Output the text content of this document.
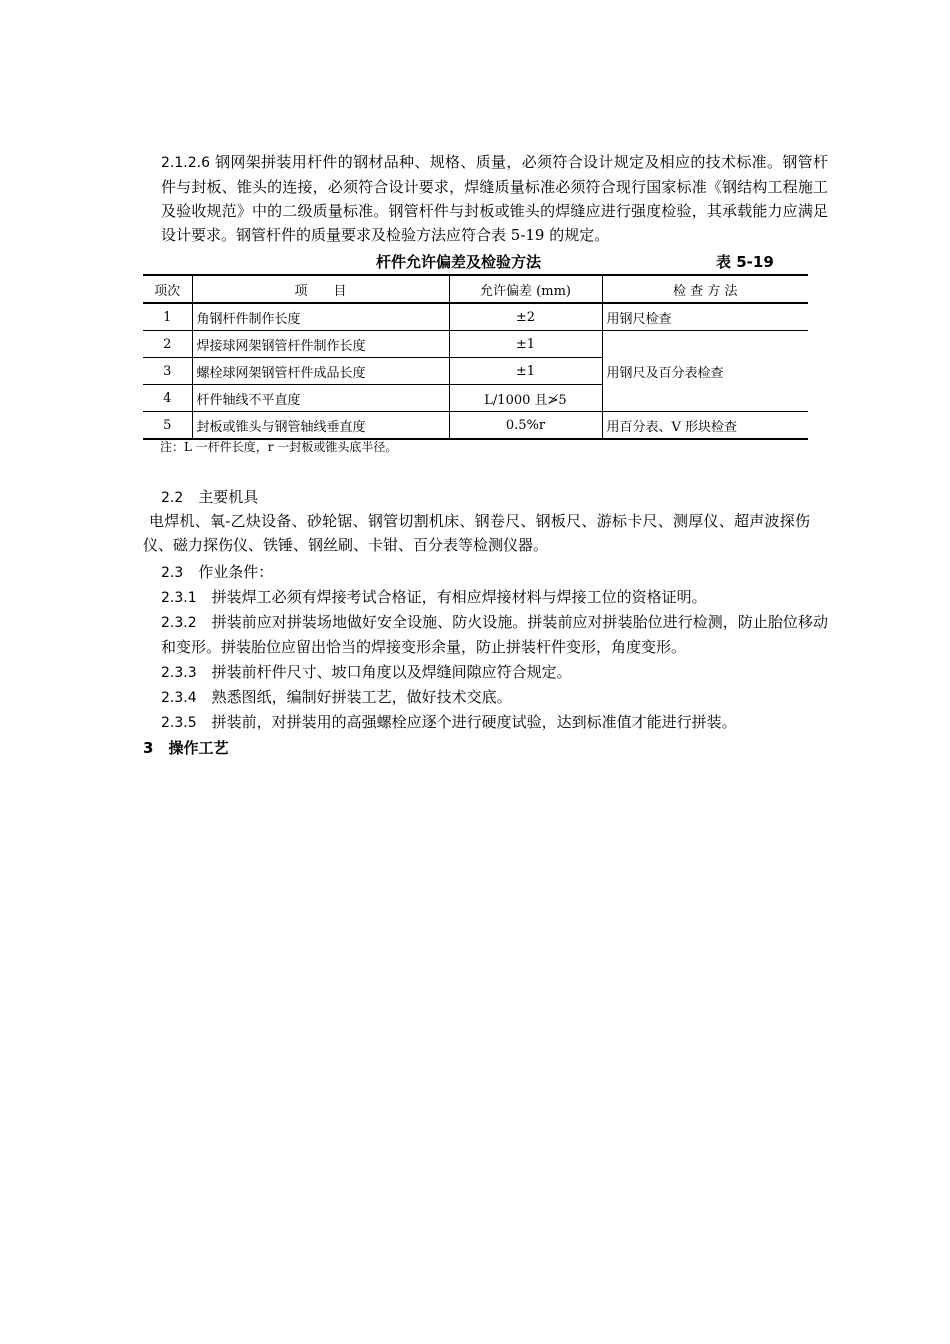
2.1.2.6 钢网架拼装用杆件的钢材品种、规格、质量，必须符合设计规定及相应的技术标准。钢管杆件与封板、锥头的连接，必须符合设计要求，焊缝质量标准必须符合现行国家标准《钢结构工程施工及验收规范》中的二级质量标准。钢管杆件与封板或锥头的焊缝应进行强度检验，其承载能力应满足设计要求。钢管杆件的质量要求及检验方法应符合表 5-19 的规定。

杆件允许偏差及检验方法	表 5-19
项次	项　　目	允许偏差 (mm)	检 查 方 法
1	角钢杆件制作长度	±2	用钢尺检查
2	焊接球网架钢管杆件制作长度	±1	用钢尺及百分表检查
3	螺栓球网架钢管杆件成品长度	±1	
4	杆件轴线不平直度	L/1000 且≯5	
5	封板或锥头与钢管轴线垂直度	0.5%r	用百分表、V 形块检查
注：L 一杆件长度，r 一封板或锥头底半径。

2.2　 主要机具

电焊机、氧-乙炔设备、砂轮锯、钢管切割机床、钢卷尺、钢板尺、游标卡尺、测厚仪、超声波探伤仪、磁力探伤仪、铁锤、钢丝刷、卡钳、百分表等检测仪器。

2.3　 作业条件：

2.3.1　 拼装焊工必须有焊接考试合格证，有相应焊接材料与焊接工位的资格证明。

2.3.2　 拼装前应对拼装场地做好安全设施、防火设施。拼装前应对拼装胎位进行检测，防止胎位移动和变形。拼装胎位应留出恰当的焊接变形余量，防止拼装杆件变形，角度变形。

2.3.3　 拼装前杆件尺寸、坡口角度以及焊缝间隙应符合规定。

2.3.4　 熟悉图纸，编制好拼装工艺，做好技术交底。

2.3.5　 拼装前，对拼装用的高强螺栓应逐个进行硬度试验，达到标准值才能进行拼装。

3　 操作工艺
